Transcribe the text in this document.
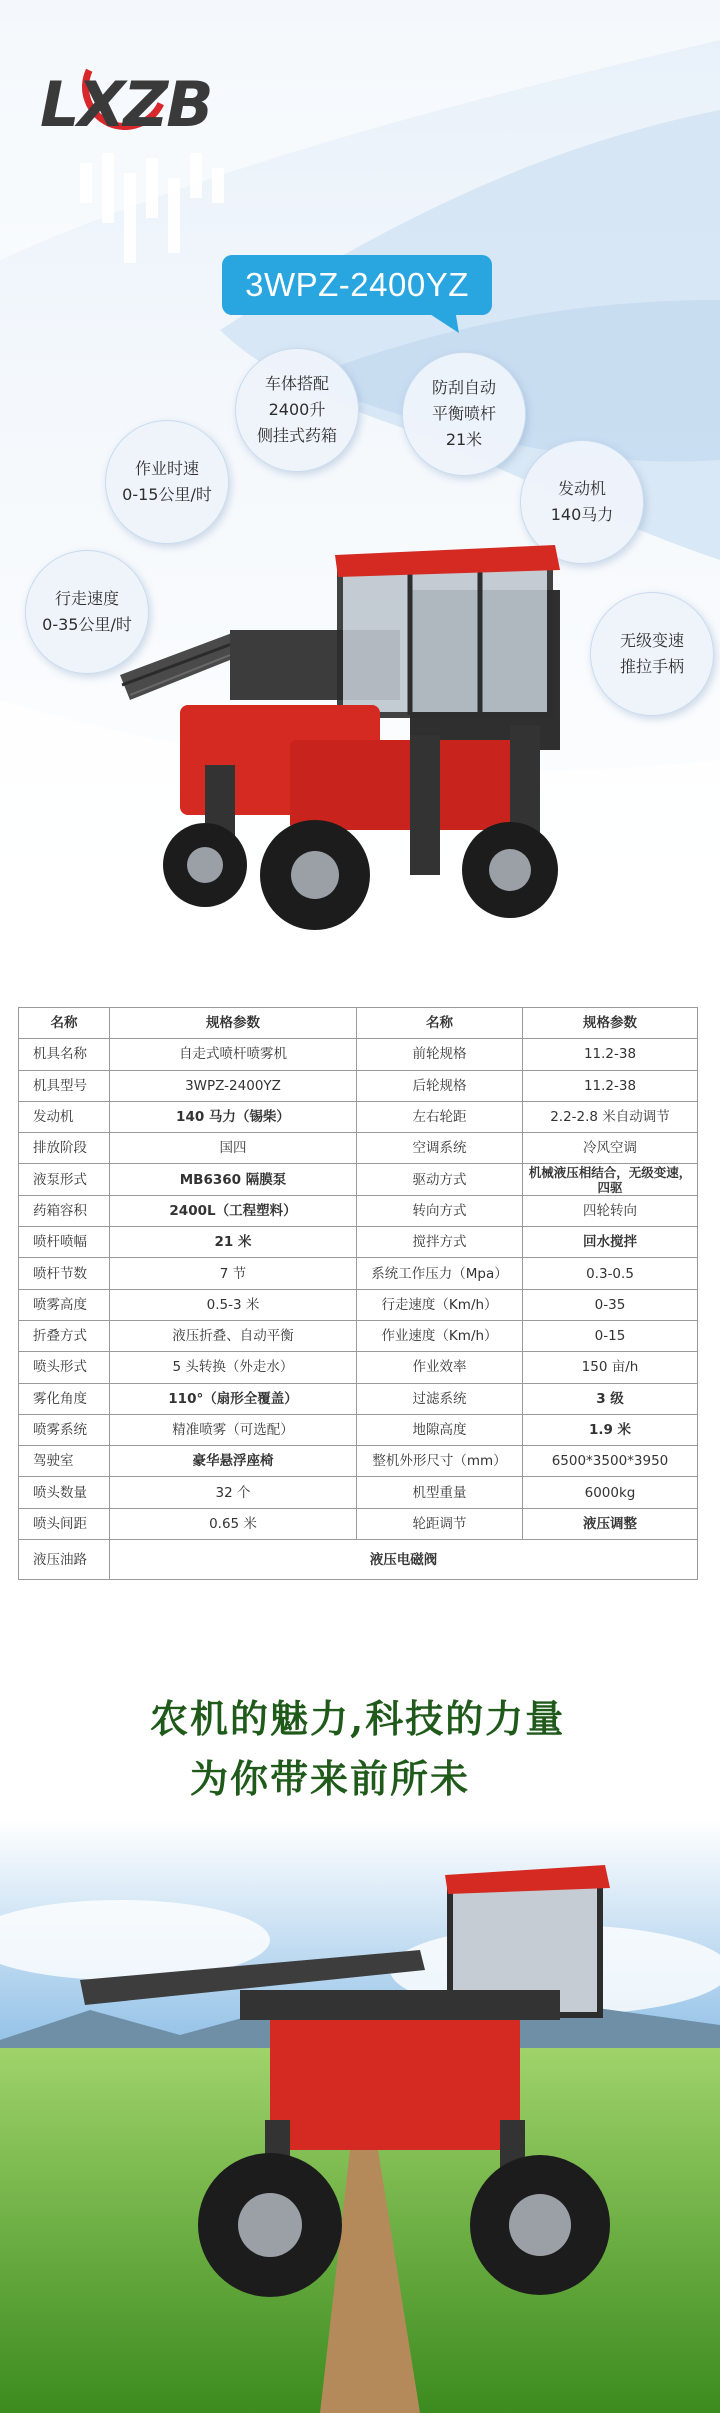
LXZB
3WPZ-2400YZ
车体搭配
2400升
侧挂式药箱
防刮自动
平衡喷杆
21米
作业时速
0-15公里/时	发动机
140马力
行走速度
0-35公里/时
无级变速
推拉手柄
名称	规格参数	名称	规格参数
机具名称	自走式喷杆喷雾机	前轮规格	11.2-38
机具型号	3WPZ-2400YZ	后轮规格	11.2-38
发动机	140 马力（锡柴）	左右轮距	2.2-2.8 米自动调节
排放阶段	国四	空调系统	冷风空调
液泵形式	MB6360 隔膜泵	驱动方式	机械液压相结合，无级变速，四驱
药箱容积	2400L（工程塑料）	转向方式	四轮转向
喷杆喷幅	21 米	搅拌方式	回水搅拌
喷杆节数	7 节	系统工作压力（Mpa）	0.3-0.5
喷雾高度	0.5-3 米	行走速度（Km/h）	0-35
折叠方式	液压折叠、自动平衡	作业速度（Km/h）	0-15
喷头形式	5 头转换（外走水）	作业效率	150 亩/h
雾化角度	110°（扇形全覆盖）	过滤系统	3 级
喷雾系统	精准喷雾（可选配）	地隙高度	1.9 米
驾驶室	豪华悬浮座椅	整机外形尺寸（mm）	6500*3500*3950
喷头数量	32 个	机型重量	6000kg
喷头间距	0.65 米	轮距调节	液压调整
液压油路	液压电磁阀		
农机的魅力,科技的力量
为你带来前所未
